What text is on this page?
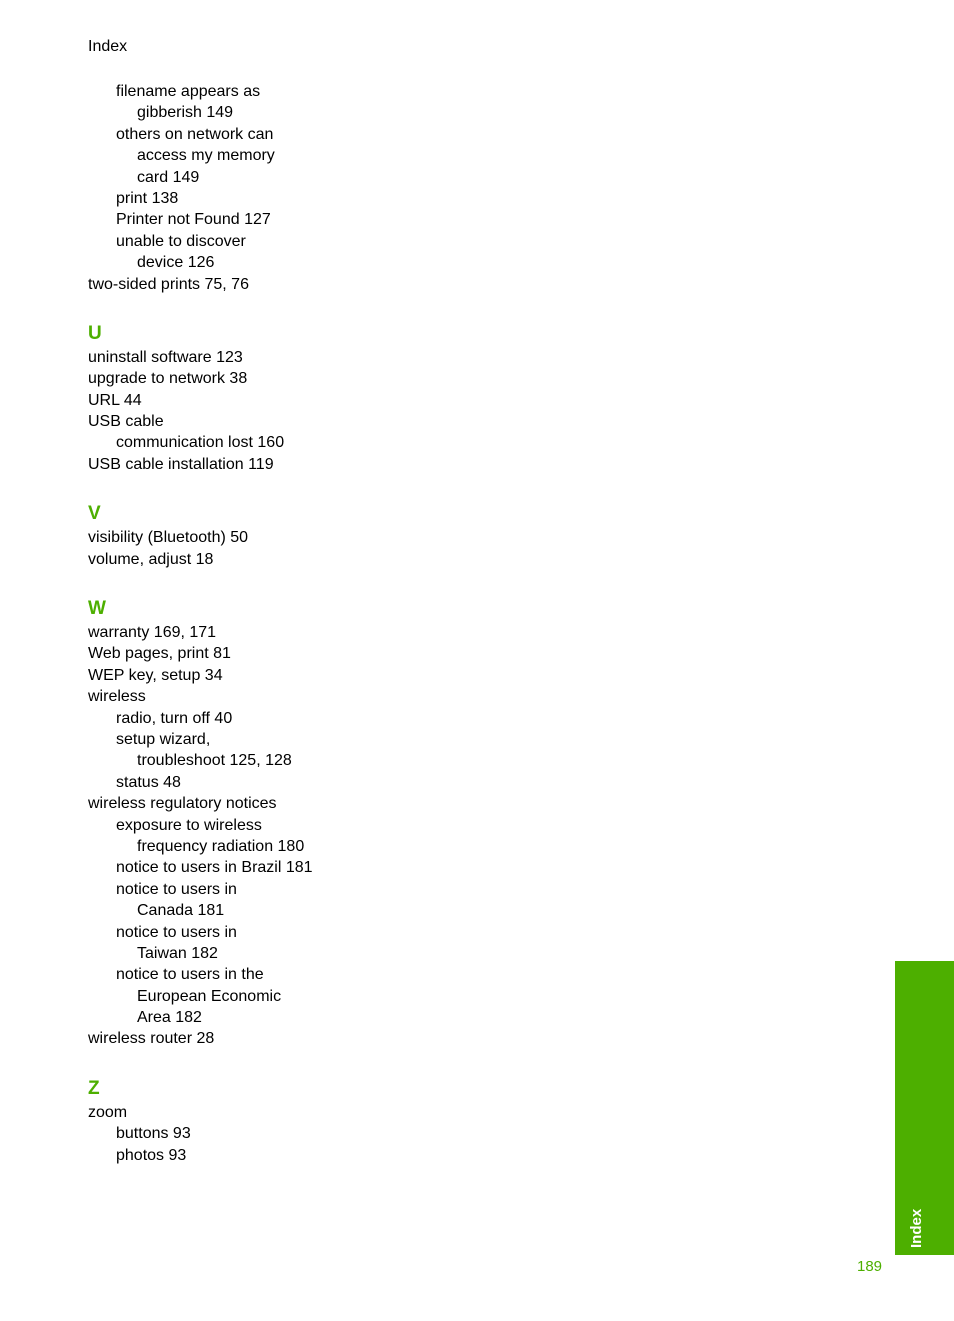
Index
filename appears as
gibberish 149
others on network can
access my memory
card 149
print 138
Printer not Found 127
unable to discover
device 126
two-sided prints 75, 76
U
uninstall software 123
upgrade to network 38
URL 44
USB cable
communication lost 160
USB cable installation 119
V
visibility (Bluetooth) 50
volume, adjust 18
W
warranty 169, 171
Web pages, print 81
WEP key, setup 34
wireless
radio, turn off 40
setup wizard,
troubleshoot 125, 128
status 48
wireless regulatory notices
exposure to wireless
frequency radiation 180
notice to users in Brazil 181
notice to users in
Canada 181
notice to users in
Taiwan 182
notice to users in the
European Economic
Area 182
wireless router 28
Z
zoom
buttons 93
photos 93
Index
189
